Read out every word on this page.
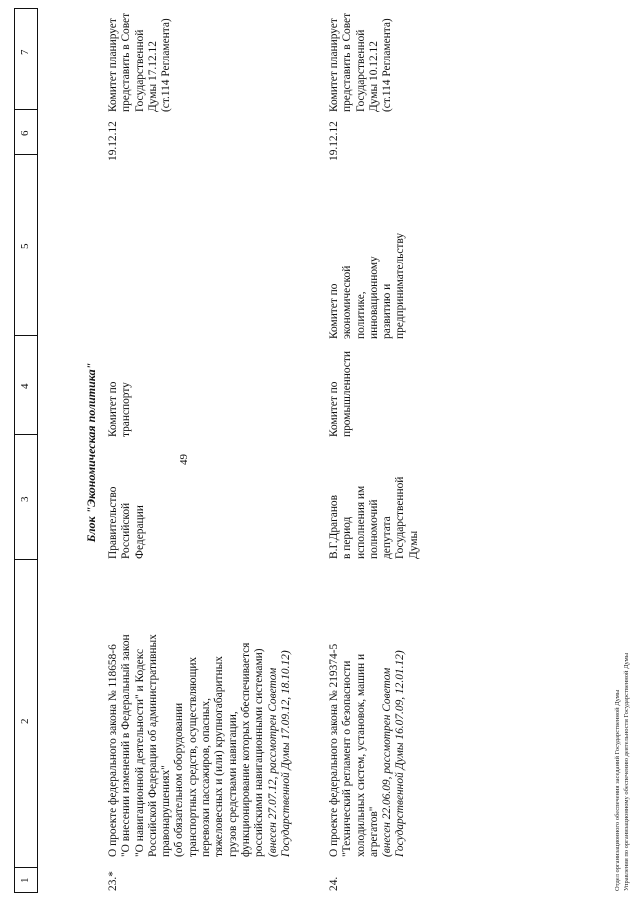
49
1
2
3
4
5
6
7
Блок "Экономическая политика"
23.*
О проекте федерального закона № 118658-6 "О внесении изменений в Федеральный закон "О навигационной деятельности" и Кодекс Российской Федерации об административных правонарушениях" (об обязательном оборудовании транспортных средств, осуществляющих перевозки пассажиров, опасных, тяжеловесных и (или) крупногабаритных грузов средствами навигации, функционирование которых обеспечивается российскими навигационными системами) (внесен 27.07.12, рассмотрен Советом Государственной Думы 17.09.12, 18.10.12)
Правительство Российской Федерации
Комитет по транспорту
19.12.12
Комитет планирует представить в Совет Государственной Думы 17.12.12 (ст.114 Регламента)
24.
О проекте федерального закона № 219374-5 "Технический регламент о безопасности холодильных систем, установок, машин и агрегатов" (внесен 22.06.09, рассмотрен Советом Государственной Думы 16.07.09, 12.01.12)
В.Г.Драганов в период исполнения им полномочий депутата Государственной Думы
Комитет по промышленности
Комитет по экономической политике, инновационному развитию и предпринимательству
19.12.12
Комитет планирует представить в Совет Государственной Думы 10.12.12 (ст.114 Регламента)
Отдел организационного обеспечения заседаний Государственной Думы Управления по организационному обеспечению деятельности Государственной Думы
